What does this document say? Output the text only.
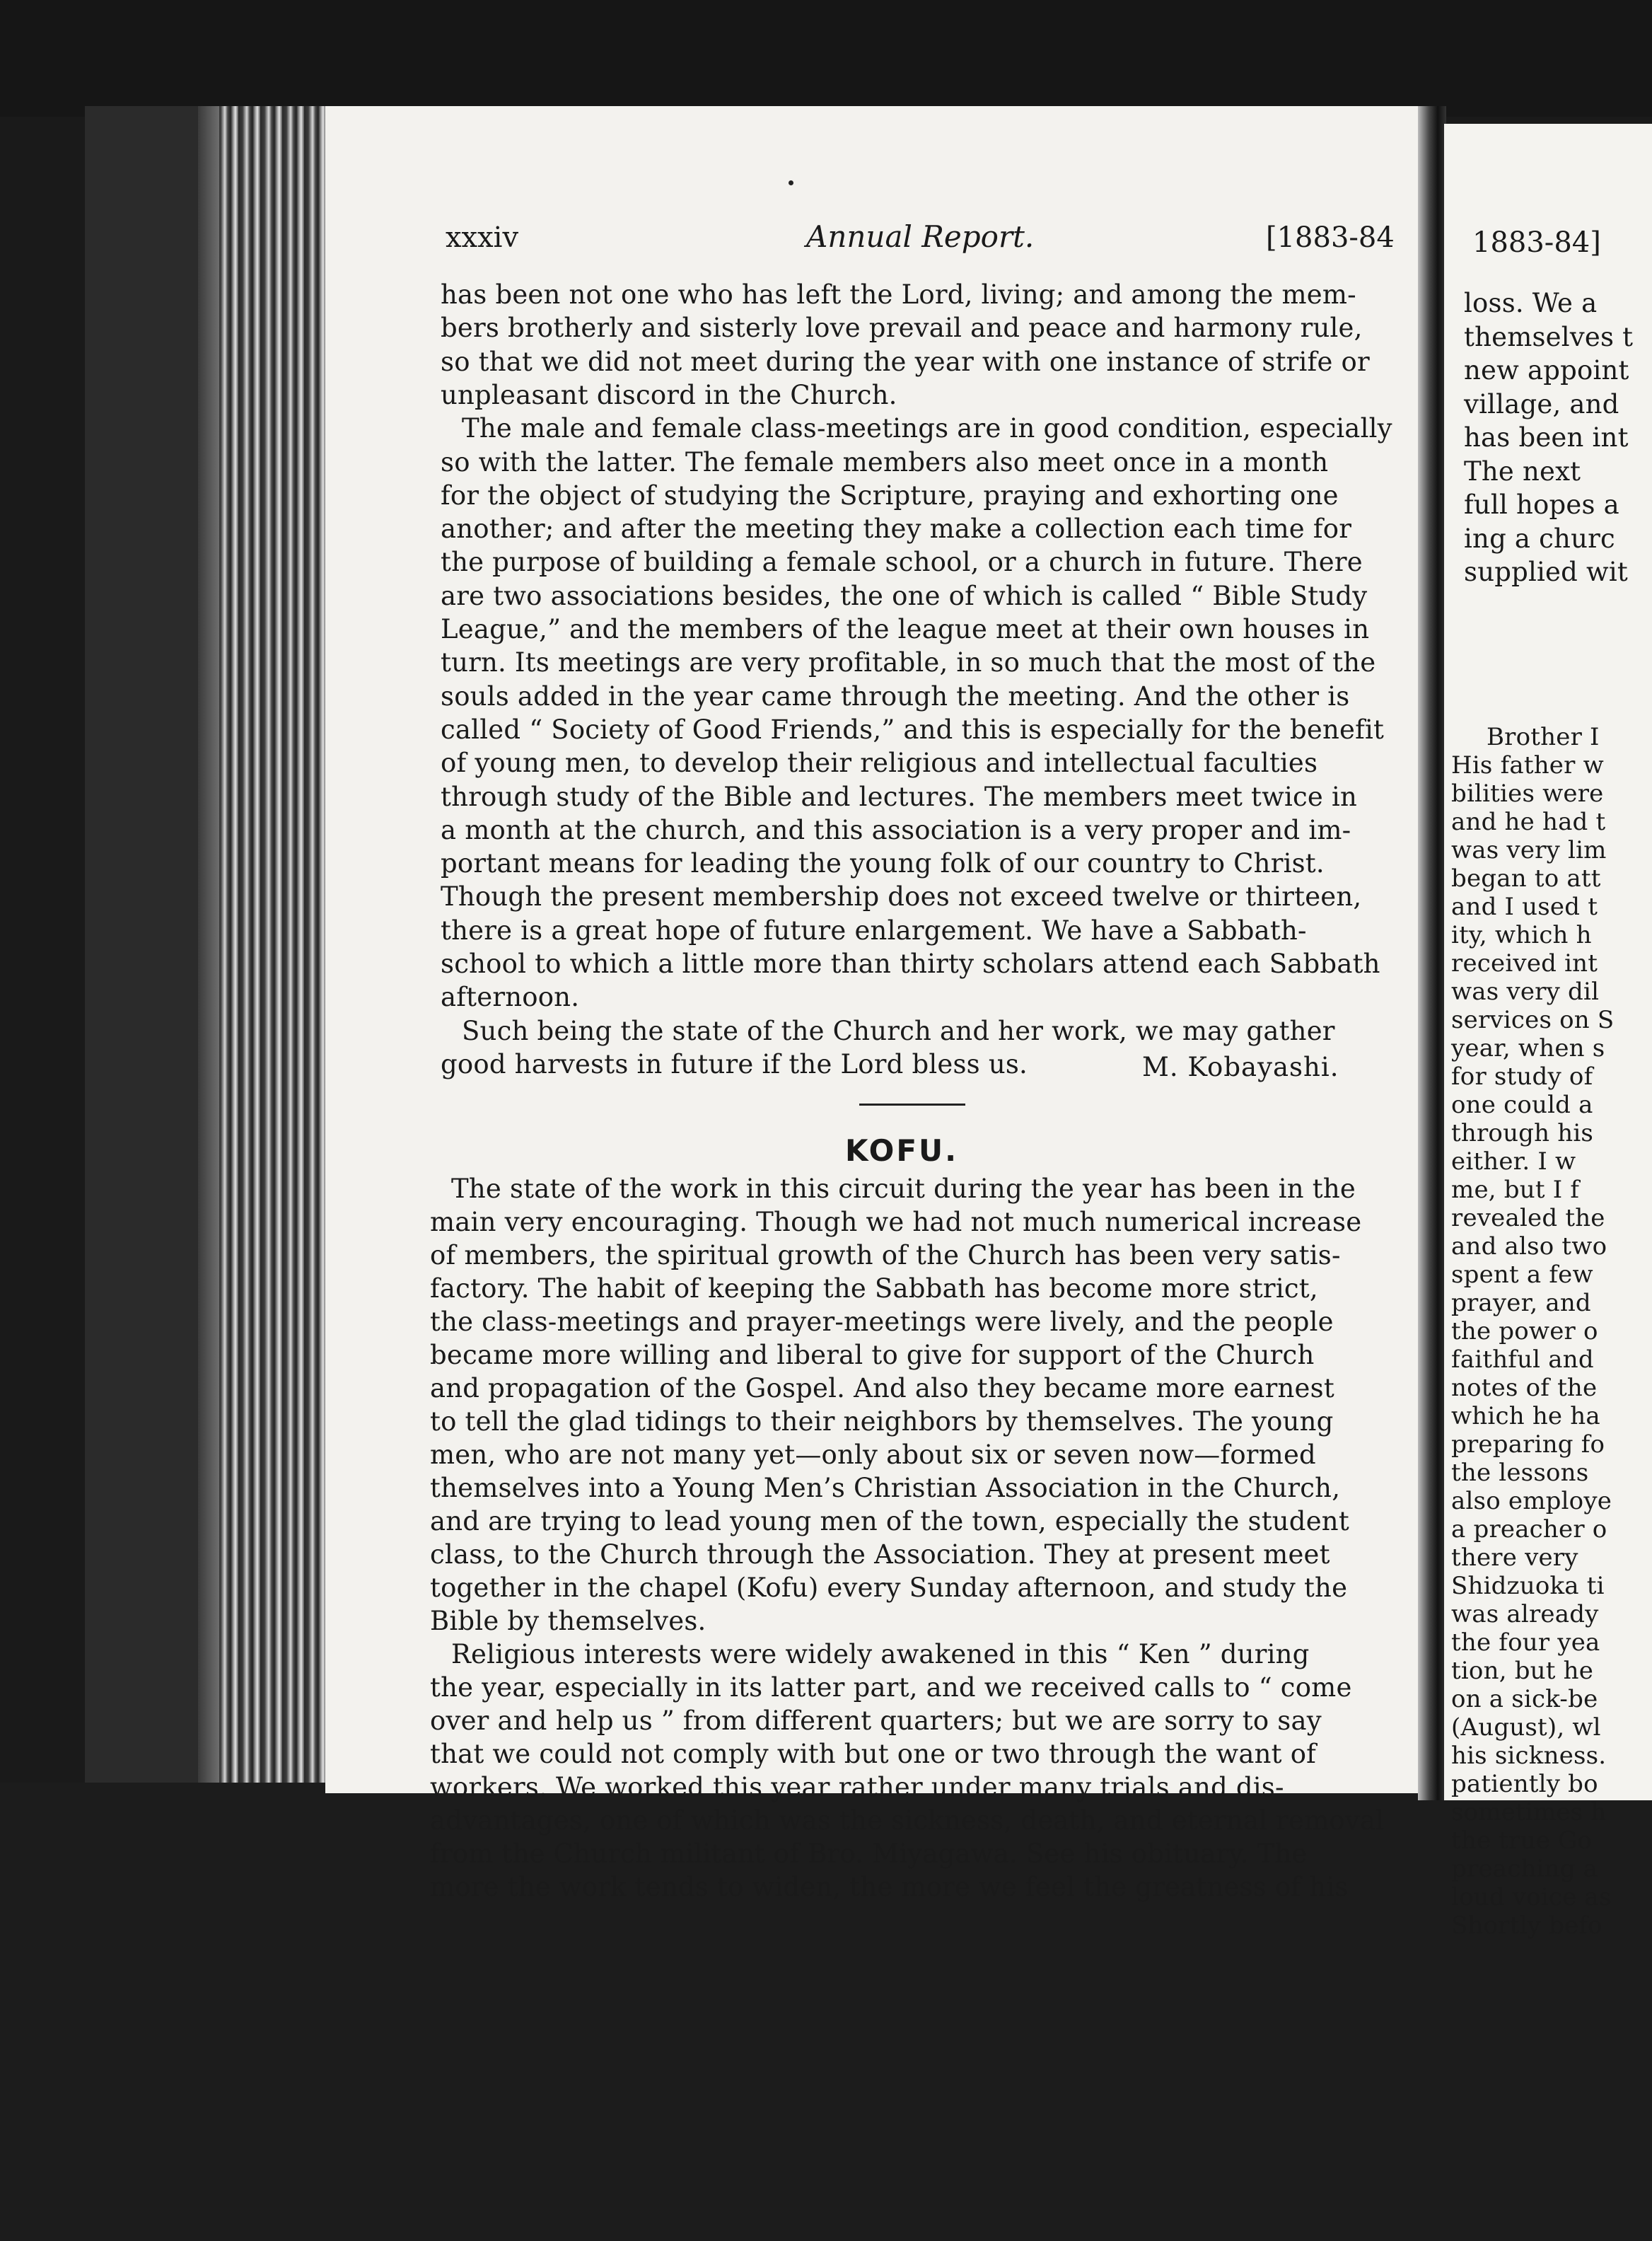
xxxiv	Annual Report.	[1883-84
has been not one who has left the Lord, living; and among the mem-
bers brotherly and sisterly love prevail and peace and harmony rule,
so that we did not meet during the year with one instance of strife or
unpleasant discord in the Church.
The male and female class-meetings are in good condition, especially
so with the latter. The female members also meet once in a month
for the object of studying the Scripture, praying and exhorting one
another; and after the meeting they make a collection each time for
the purpose of building a female school, or a church in future. There
are two associations besides, the one of which is called “ Bible Study
League,” and the members of the league meet at their own houses in
turn. Its meetings are very profitable, in so much that the most of the
souls added in the year came through the meeting. And the other is
called “ Society of Good Friends,” and this is especially for the benefit
of young men, to develop their religious and intellectual faculties
through study of the Bible and lectures. The members meet twice in
a month at the church, and this association is a very proper and im-
portant means for leading the young folk of our country to Christ.
Though the present membership does not exceed twelve or thirteen,
there is a great hope of future enlargement. We have a Sabbath-
school to which a little more than thirty scholars attend each Sabbath
afternoon.
Such being the state of the Church and her work, we may gather
good harvests in future if the Lord bless us.	M. Kobayashi.
KOFU.
The state of the work in this circuit during the year has been in the
main very encouraging. Though we had not much numerical increase
of members, the spiritual growth of the Church has been very satis-
factory. The habit of keeping the Sabbath has become more strict,
the class-meetings and prayer-meetings were lively, and the people
became more willing and liberal to give for support of the Church
and propagation of the Gospel. And also they became more earnest
to tell the glad tidings to their neighbors by themselves. The young
men, who are not many yet—only about six or seven now—formed
themselves into a Young Men’s Christian Association in the Church,
and are trying to lead young men of the town, especially the student
class, to the Church through the Association. They at present meet
together in the chapel (Kofu) every Sunday afternoon, and study the
Bible by themselves.
Religious interests were widely awakened in this “ Ken ” during
the year, especially in its latter part, and we received calls to “ come
over and help us ” from different quarters; but we are sorry to say
that we could not comply with but one or two through the want of
workers. We worked this year rather under many trials and dis-
advantages, one of which was the sickness, death, and eternal removal
from the Church militant of Bro. Miyagawa. See his obituary. The
more the work tends to widen, the more we feel the greatness of his
1883-84]
loss. We a
themselves t
new appoint
village, and
has been int
The next
full hopes a
ing a churc
supplied wit
Brother I
His father w
bilities were
and he had t
was very lim
began to att
and I used t
ity, which h
received int
was very dil
services on S
year, when s
for study of
one could a
through his
either. I w
me, but I f
revealed the
and also two
spent a few
prayer, and
the power o
faithful and
notes of the
which he ha
preparing fo
the lessons
also employe
a preacher o
there very
Shidzuoka ti
was already
the four yea
tion, but he
on a sick-be
(August), wl
his sickness.
patiently bo
sometimes h
the true Go
preaching a
loud voice as
Shortly befo
